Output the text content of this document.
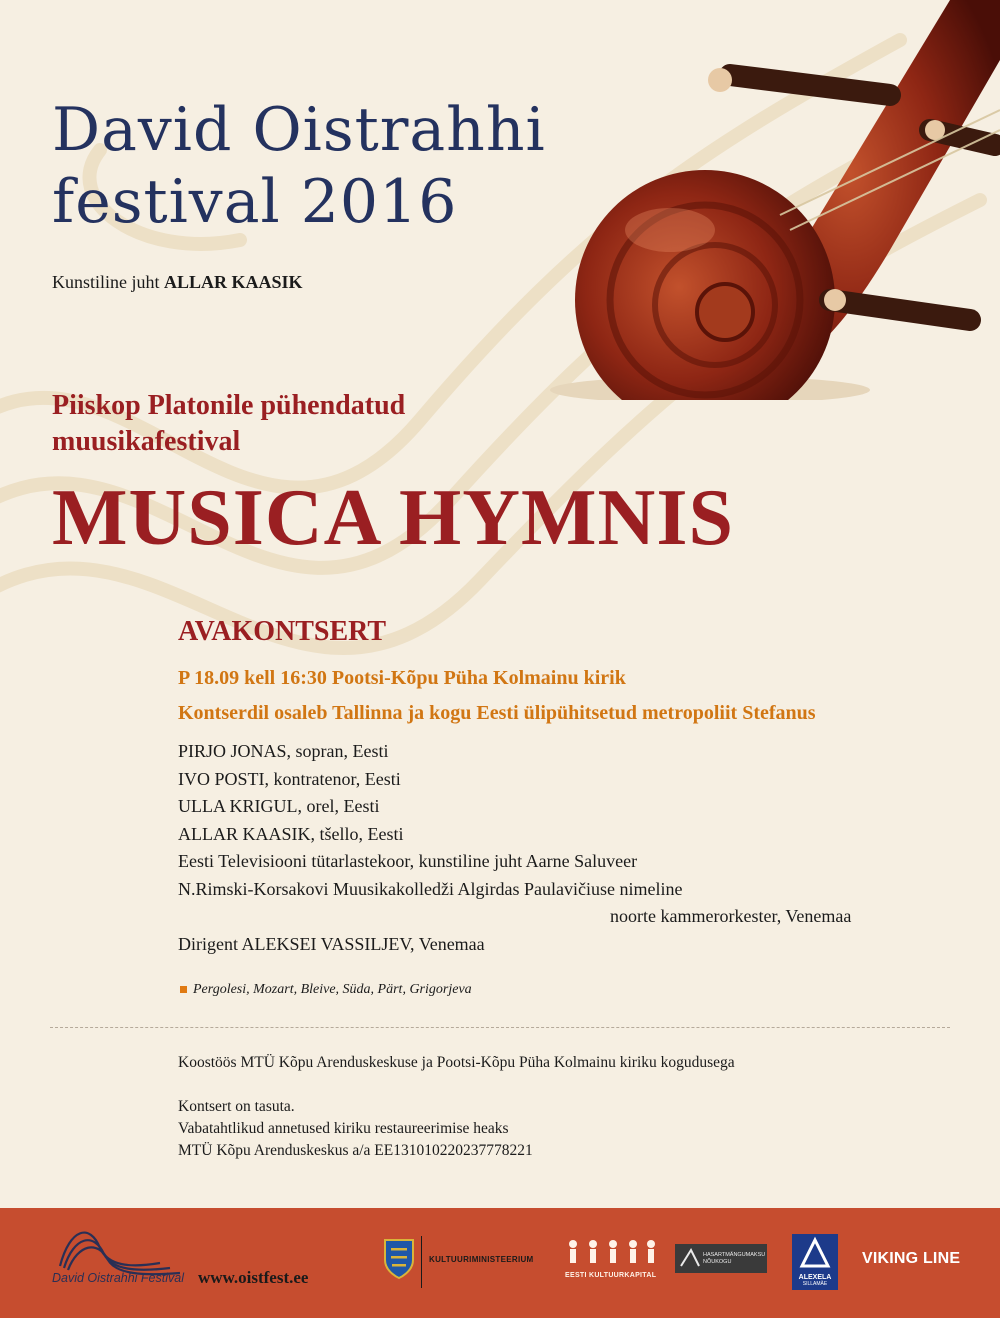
David Oistrahhi
festival 2016
Kunstiline juht ALLAR KAASIK
Piiskop Platonile pühendatud muusikafestival
MUSICA HYMNIS
AVAKONTSERT
P 18.09 kell 16:30 Pootsi-Kõpu Püha Kolmainu kirik
Kontserdil osaleb Tallinna ja kogu Eesti ülipühitsetud metropoliit Stefanus
PIRJO JONAS, sopran, Eesti
IVO POSTI, kontratenor, Eesti
ULLA KRIGUL, orel, Eesti
ALLAR KAASIK, tšello, Eesti
Eesti Televisiooni tütarlastekoor, kunstiline juht Aarne Saluveer
N.Rimski-Korsakovi Muusikakolledži Algirdas Paulavičiuse nimeline
noorte kammerorkester, Venemaa
Dirigent ALEKSEI VASSILJEV, Venemaa
Pergolesi, Mozart, Bleive, Süda, Pärt, Grigorjeva
Koostöös MTÜ Kõpu Arenduskeskuse ja Pootsi-Kõpu Püha Kolmainu kiriku kogudusega
Kontsert on tasuta.
Vabatahtlikud annetused kiriku restaureerimise heaks
MTÜ Kõpu Arenduskeskus a/a EE131010220237778221
David Oistrahhi Festival www.oistfest.ee
KULTUURIMINISTEERIUM
EESTI KULTUURKAPITAL
HASARTMÄNGUMAKSU NÕUKOGU
ALEXELA
SILLAMÄE
VIKING LINE
